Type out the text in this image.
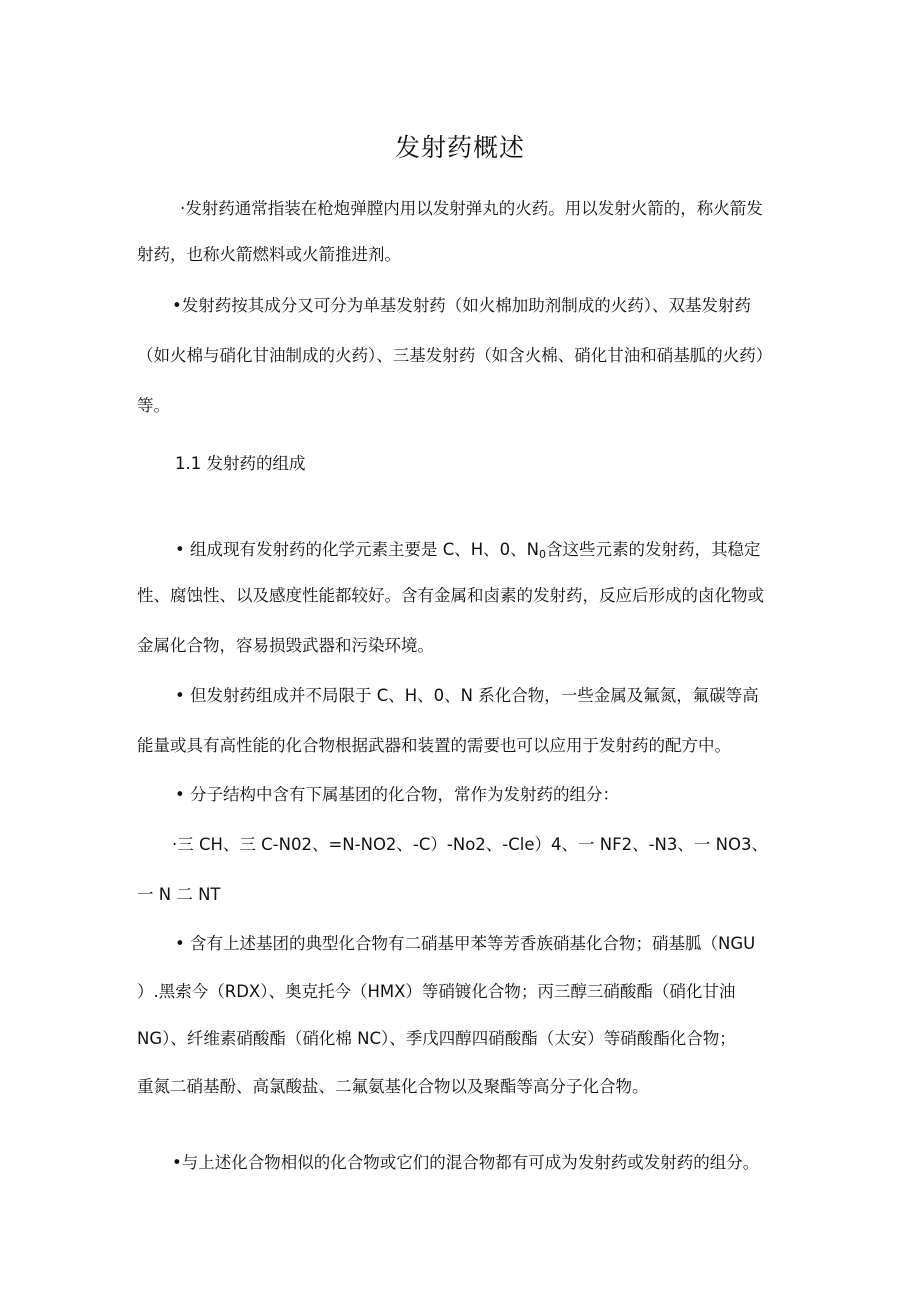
发射药概述
·发射药通常指装在枪炮弹膛内用以发射弹丸的火药。用以发射火箭的，称火箭发
射药，也称火箭燃料或火箭推进剂。
•发射药按其成分又可分为单基发射药（如火棉加助剂制成的火药）、双基发射药
（如火棉与硝化甘油制成的火药）、三基发射药（如含火棉、硝化甘油和硝基胍的火药）
等。
1.1 发射药的组成
• 组成现有发射药的化学元素主要是 C、H、0、$N_0$含这些元素的发射药，其稳定
性、腐蚀性、以及感度性能都较好。含有金属和卤素的发射药，反应后形成的卤化物或
金属化合物，容易损毁武器和污染环境。
• 但发射药组成并不局限于 C、H、0、N 系化合物，一些金属及氟氮，氟碳等高
能量或具有高性能的化合物根据武器和装置的需要也可以应用于发射药的配方中。
• 分子结构中含有下属基团的化合物，常作为发射药的组分：
·三 CH、三 C-N02、=N-NO2、-C）-No2、-Cle）4、一 NF2、-N3、一 NO3、
一 N 二 NT
• 含有上述基团的典型化合物有二硝基甲苯等芳香族硝基化合物；硝基胍（NGU
）.黑索今（RDX）、奥克托今（HMX）等硝镀化合物；丙三醇三硝酸酯（硝化甘油
NG）、纤维素硝酸酯（硝化棉 NC）、季戊四醇四硝酸酯（太安）等硝酸酯化合物；
重氮二硝基酚、高氯酸盐、二氟氨基化合物以及聚酯等高分子化合物。
•与上述化合物相似的化合物或它们的混合物都有可成为发射药或发射药的组分。
